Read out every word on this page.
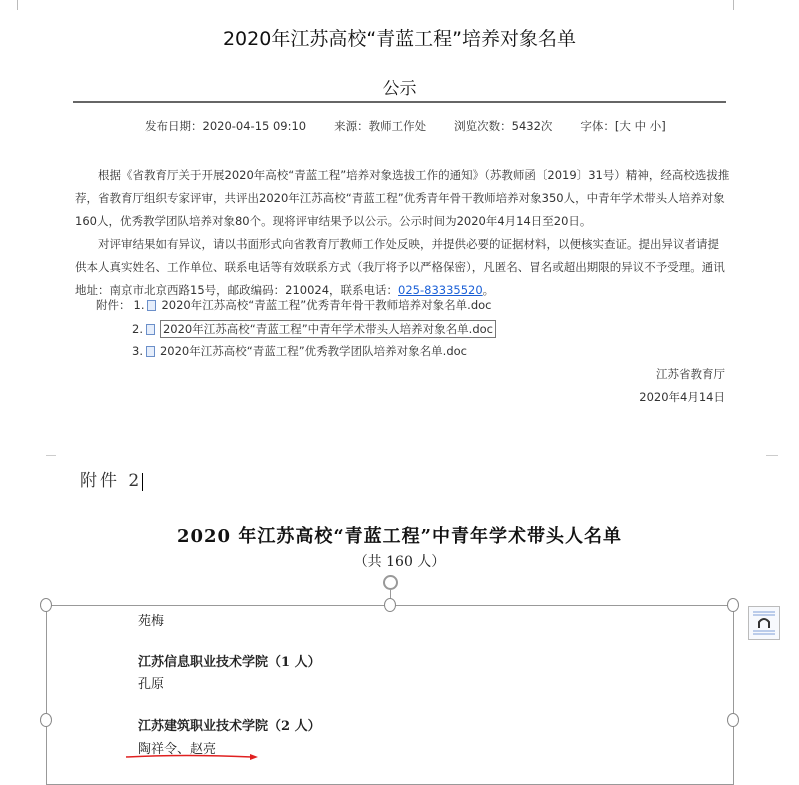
2020年江苏高校“青蓝工程”培养对象名单
公示
发布日期：2020-04-15 09:10 来源：教师工作处 浏览次数：5432次 字体：[大 中 小]

根据《省教育厅关于开展2020年高校“青蓝工程”培养对象选拔工作的通知》（苏教师函〔2019〕31号）精神，经高校选拔推荐，省教育厅组织专家评审，共评出2020年江苏高校“青蓝工程”优秀青年骨干教师培养对象350人，中青年学术带头人培养对象160人，优秀教学团队培养对象80个。现将评审结果予以公示。公示时间为2020年4月14日至20日。

对评审结果如有异议，请以书面形式向省教育厅教师工作处反映，并提供必要的证据材料，以便核实查证。提出异议者请提供本人真实姓名、工作单位、联系电话等有效联系方式（我厅将予以严格保密），凡匿名、冒名或超出期限的异议不予受理。通讯地址：南京市北京西路15号，邮政编码：210024，联系电话：025-83335520。

附件： 1. 2020年江苏高校“青蓝工程”优秀青年骨干教师培养对象名单.doc
2. 2020年江苏高校“青蓝工程”中青年学术带头人培养对象名单.doc
3. 2020年江苏高校“青蓝工程”优秀教学团队培养对象名单.doc
江苏省教育厅
2020年4月14日
附件 2
2020 年江苏高校“青蓝工程”中青年学术带头人名单
（共 160 人）
苑梅
江苏信息职业技术学院（1 人）
孔原
江苏建筑职业技术学院（2 人）
陶祥令、赵亮
